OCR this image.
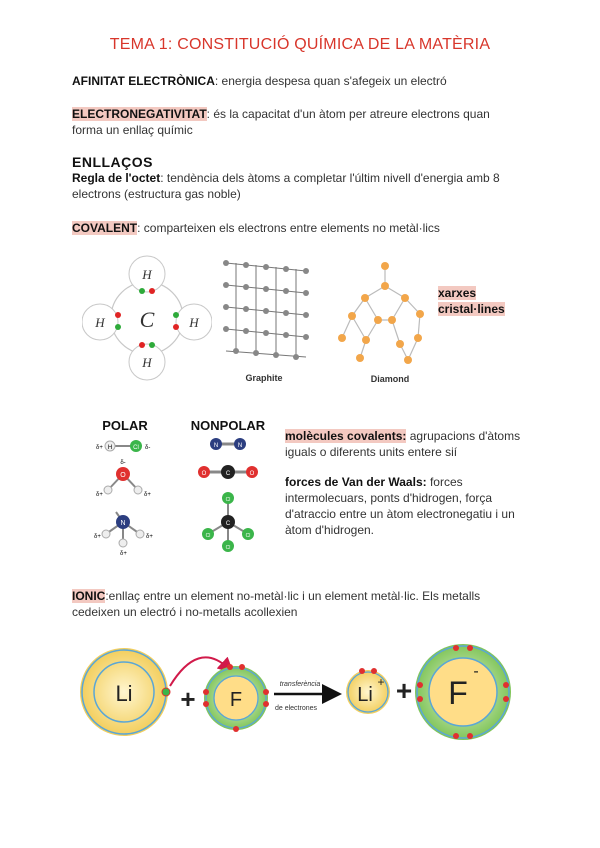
TEMA 1: CONSTITUCIÓ QUÍMICA DE LA MATÈRIA
AFINITAT ELECTRÒNICA: energia despesa quan s'afegeix un electró
ELECTRONEGATIVITAT: és la capacitat d'un àtom per atreure electrons quan
forma un enllaç químic
ENLLAÇOS
Regla de l'octet: tendència dels àtoms a completar l'últim nivell d'energia amb 8
electrons (estructura gas noble)
COVALENT: comparteixen els electrons entre elements no metàl·lics
C
H
H
H	H
Graphite	Diamond
xarxes
cristal·lines
POLAR	NONPOLAR
H	Cl
δ+	δ-
O
δ-
δ+	δ+
N
δ+	δ+
δ+
N	N
O	C	O
C
Cl
Cl	Cl
Cl
molècules covalents: agrupacions d'àtoms
iguals o diferents units entere sií
forces de Van der Waals: forces
intermolecuars, ponts d'hidrogen, força
d'atraccio entre un àtom electronegatiu i un
àtom d'hidrogen.
IONIC:enllaç entre un element no-metàl·lic i un element metàl·lic. Els metalls
cedeixen un electró i no-metalls acollexien
Li + F
transferència
de electrones
Li
+ + F
-
